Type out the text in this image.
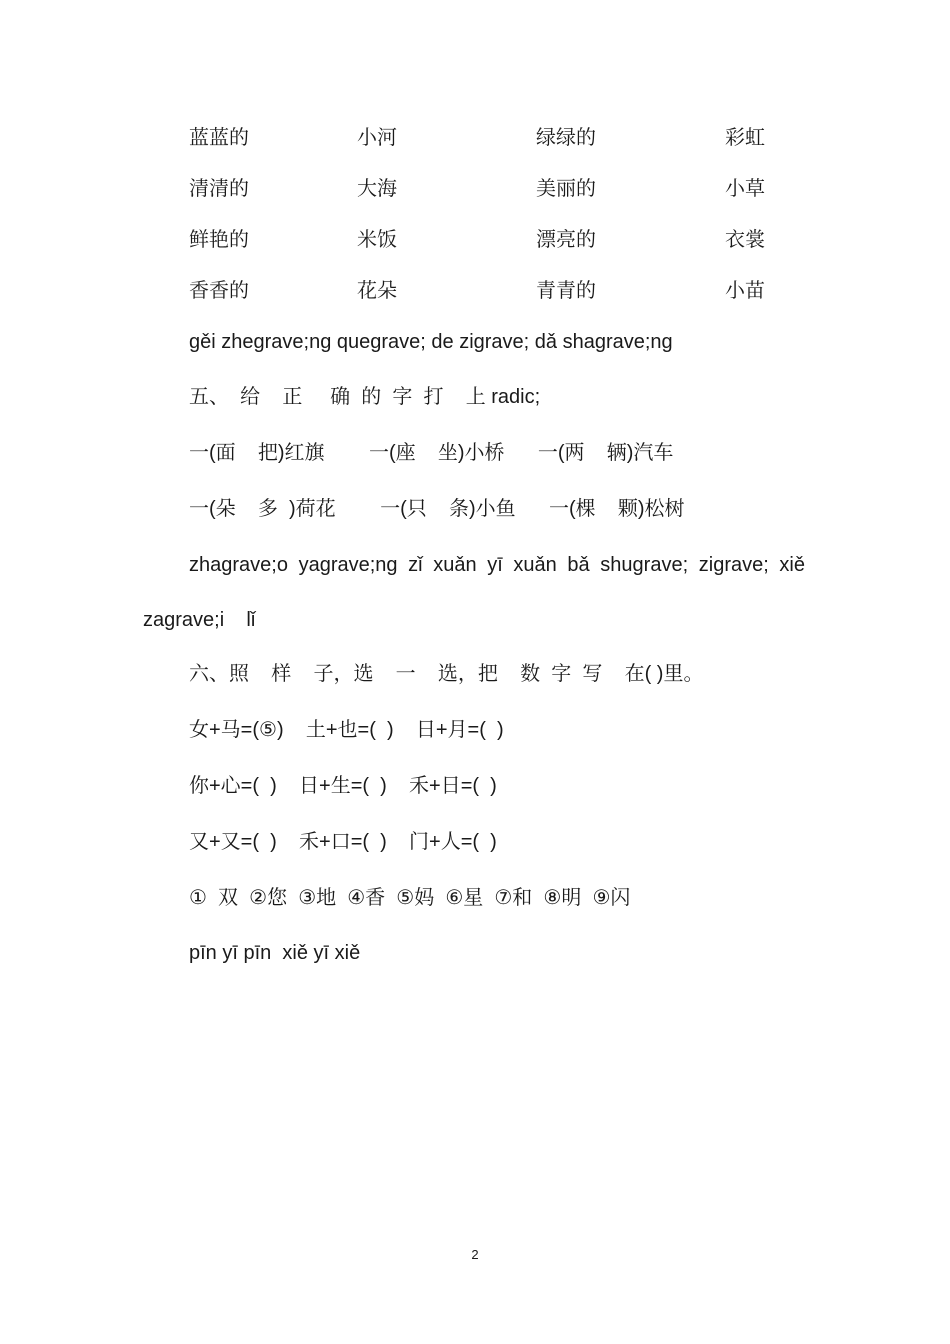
蓝蓝的	小河	绿绿的	彩虹
清清的	大海	美丽的	小草
鲜艳的	米饭	漂亮的	衣裳
香香的	花朵	青青的	小苗
gěi zhegrave;ng quegrave; de zigrave; dǎ shagrave;ng
五、  给    正     确  的  字  打    上 radic;
一(面    把)红旗        一(座    坐)小桥      一(两    辆)汽车
一(朵    多  )荷花        一(只    条)小鱼      一(棵    颗)松树
zhagrave;o yagrave;ng zǐ xuǎn yī xuǎn bǎ shugrave; zigrave; xiě
zagrave;i    lǐ
六、照    样    子，选    一    选，把    数  字  写    在( )里。
女+马=(⑤)    土+也=(  )    日+月=(  )
你+心=(  )    日+生=(  )    禾+日=(  )
又+又=(  )    禾+口=(  )    门+人=(  )
①  双  ②您  ③地  ④香  ⑤妈  ⑥星  ⑦和  ⑧明  ⑨闪
pīn yī pīn  xiě yī xiě
2
